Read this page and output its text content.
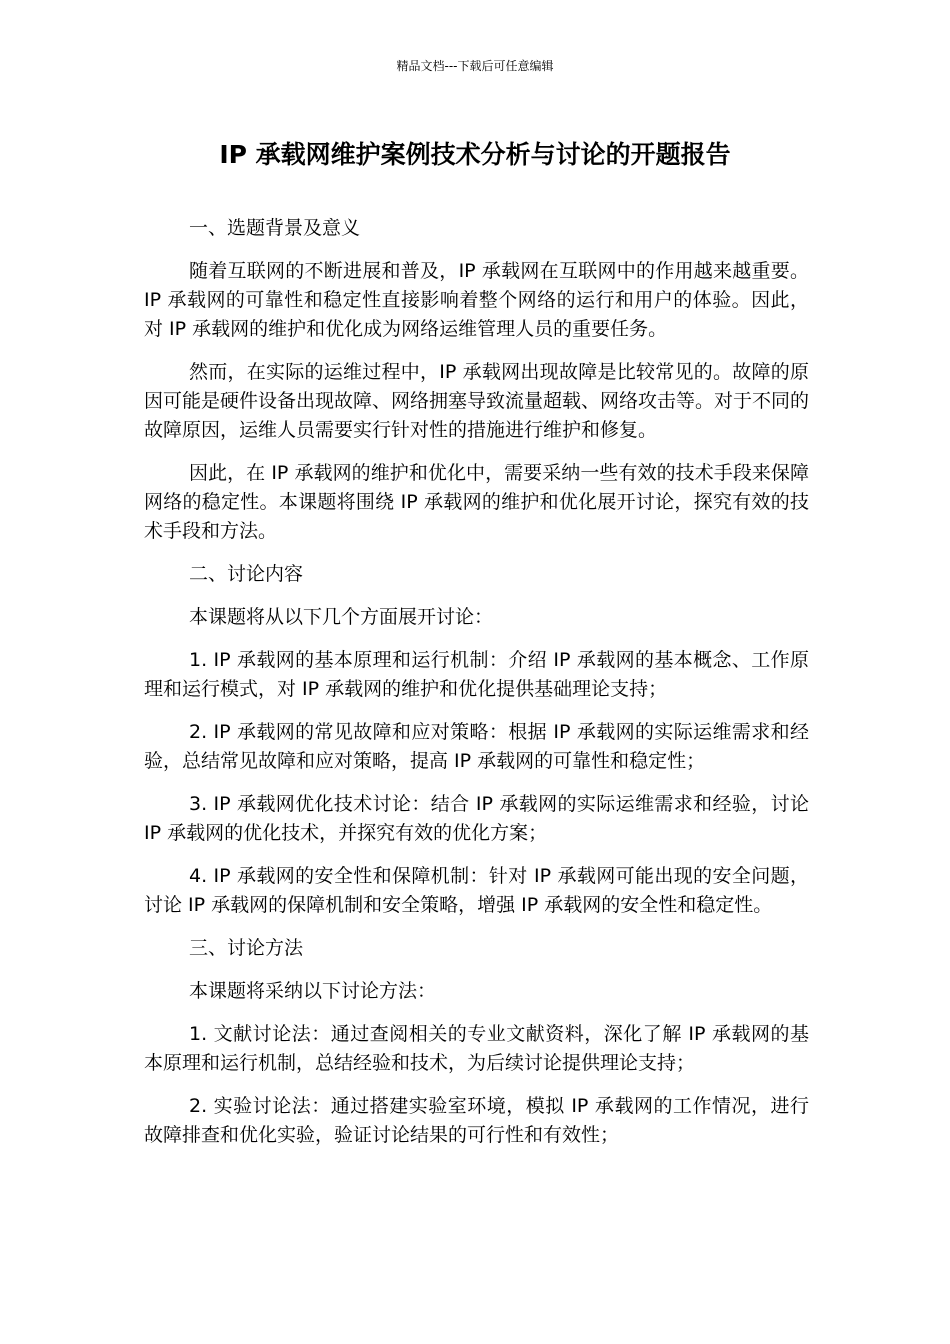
精品文档---下载后可任意编辑
IP 承载网维护案例技术分析与讨论的开题报告

一、选题背景及意义

随着互联网的不断进展和普及，IP 承载网在互联网中的作用越来越重要。IP 承载网的可靠性和稳定性直接影响着整个网络的运行和用户的体验。因此，对 IP 承载网的维护和优化成为网络运维管理人员的重要任务。

然而，在实际的运维过程中，IP 承载网出现故障是比较常见的。故障的原因可能是硬件设备出现故障、网络拥塞导致流量超载、网络攻击等。对于不同的故障原因，运维人员需要实行针对性的措施进行维护和修复。

因此，在 IP 承载网的维护和优化中，需要采纳一些有效的技术手段来保障网络的稳定性。本课题将围绕 IP 承载网的维护和优化展开讨论，探究有效的技术手段和方法。

二、讨论内容

本课题将从以下几个方面展开讨论：

1. IP 承载网的基本原理和运行机制：介绍 IP 承载网的基本概念、工作原理和运行模式，对 IP 承载网的维护和优化提供基础理论支持；

2. IP 承载网的常见故障和应对策略：根据 IP 承载网的实际运维需求和经验，总结常见故障和应对策略，提高 IP 承载网的可靠性和稳定性；

3. IP 承载网优化技术讨论：结合 IP 承载网的实际运维需求和经验，讨论 IP 承载网的优化技术，并探究有效的优化方案；

4. IP 承载网的安全性和保障机制：针对 IP 承载网可能出现的安全问题，讨论 IP 承载网的保障机制和安全策略，增强 IP 承载网的安全性和稳定性。

三、讨论方法

本课题将采纳以下讨论方法：

1. 文献讨论法：通过查阅相关的专业文献资料，深化了解 IP 承载网的基本原理和运行机制，总结经验和技术，为后续讨论提供理论支持；

2. 实验讨论法：通过搭建实验室环境，模拟 IP 承载网的工作情况，进行故障排查和优化实验，验证讨论结果的可行性和有效性；
